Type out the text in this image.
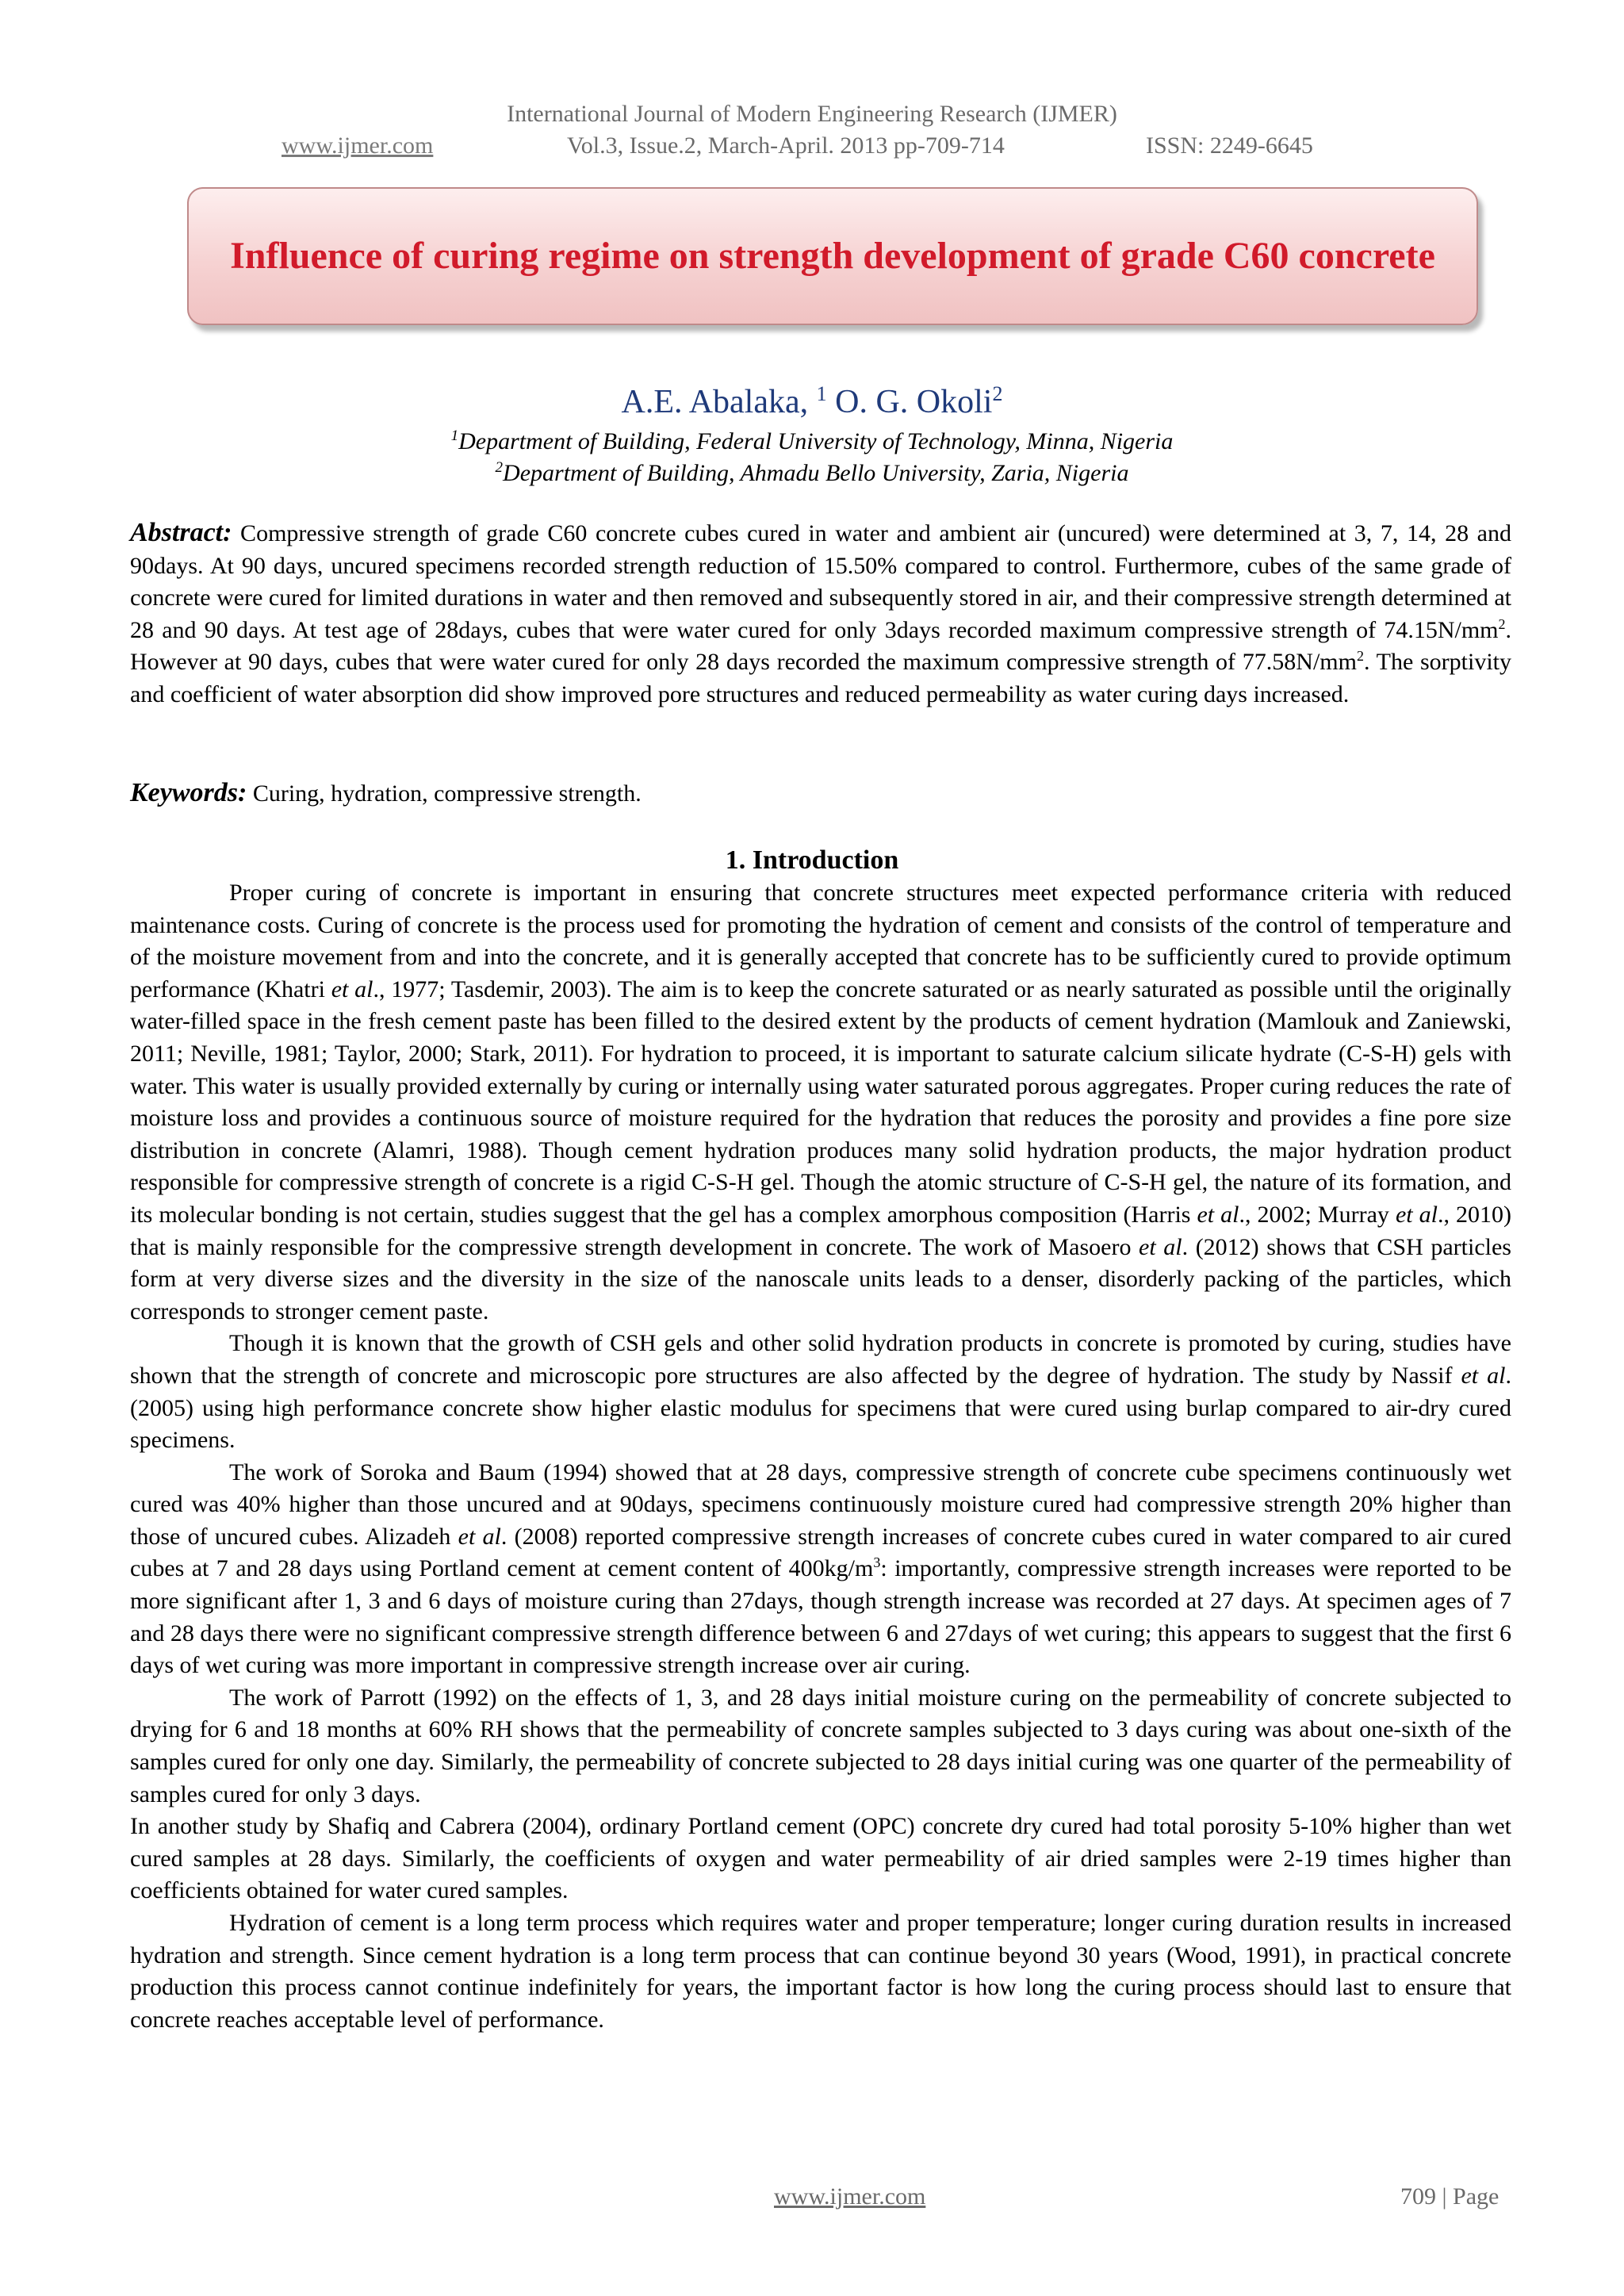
International Journal of Modern Engineering Research (IJMER)
www.ijmer.com	Vol.3, Issue.2, March-April. 2013 pp-709-714	ISSN: 2249-6645
Influence of curing regime on strength development of grade C60 concrete
A.E. Abalaka, $^1$ O. G. Okoli$^2$
$^1$Department of Building, Federal University of Technology, Minna, Nigeria
$^2$Department of Building, Ahmadu Bello University, Zaria, Nigeria

Abstract: Compressive strength of grade C60 concrete cubes cured in water and ambient air (uncured) were determined at 3, 7, 14, 28 and 90days. At 90 days, uncured specimens recorded strength reduction of 15.50% compared to control. Furthermore, cubes of the same grade of concrete were cured for limited durations in water and then removed and subsequently stored in air, and their compressive strength determined at 28 and 90 days. At test age of 28days, cubes that were water cured for only 3days recorded maximum compressive strength of $74.15N/mm^2$. However at 90 days, cubes that were water cured for only 28 days recorded the maximum compressive strength of $77.58N/mm^2$. The sorptivity and coefficient of water absorption did show improved pore structures and reduced permeability as water curing days increased.

Keywords: Curing, hydration, compressive strength.

1. Introduction

Proper curing of concrete is important in ensuring that concrete structures meet expected performance criteria with reduced maintenance costs. Curing of concrete is the process used for promoting the hydration of cement and consists of the control of temperature and of the moisture movement from and into the concrete, and it is generally accepted that concrete has to be sufficiently cured to provide optimum performance (Khatri et al., 1977; Tasdemir, 2003). The aim is to keep the concrete saturated or as nearly saturated as possible until the originally water-filled space in the fresh cement paste has been filled to the desired extent by the products of cement hydration (Mamlouk and Zaniewski, 2011; Neville, 1981; Taylor, 2000; Stark, 2011). For hydration to proceed, it is important to saturate calcium silicate hydrate (C-S-H) gels with water. This water is usually provided externally by curing or internally using water saturated porous aggregates. Proper curing reduces the rate of moisture loss and provides a continuous source of moisture required for the hydration that reduces the porosity and provides a fine pore size distribution in concrete (Alamri, 1988). Though cement hydration produces many solid hydration products, the major hydration product responsible for compressive strength of concrete is a rigid C-S-H gel. Though the atomic structure of C-S-H gel, the nature of its formation, and its molecular bonding is not certain, studies suggest that the gel has a complex amorphous composition (Harris et al., 2002; Murray et al., 2010) that is mainly responsible for the compressive strength development in concrete. The work of Masoero et al. (2012) shows that CSH particles form at very diverse sizes and the diversity in the size of the nanoscale units leads to a denser, disorderly packing of the particles, which corresponds to stronger cement paste.

Though it is known that the growth of CSH gels and other solid hydration products in concrete is promoted by curing, studies have shown that the strength of concrete and microscopic pore structures are also affected by the degree of hydration. The study by Nassif et al. (2005) using high performance concrete show higher elastic modulus for specimens that were cured using burlap compared to air-dry cured specimens.

The work of Soroka and Baum (1994) showed that at 28 days, compressive strength of concrete cube specimens continuously wet cured was 40% higher than those uncured and at 90days, specimens continuously moisture cured had compressive strength 20% higher than those of uncured cubes. Alizadeh et al. (2008) reported compressive strength increases of concrete cubes cured in water compared to air cured cubes at 7 and 28 days using Portland cement at cement content of $400kg/m^3$: importantly, compressive strength increases were reported to be more significant after 1, 3 and 6 days of moisture curing than 27days, though strength increase was recorded at 27 days. At specimen ages of 7 and 28 days there were no significant compressive strength difference between 6 and 27days of wet curing; this appears to suggest that the first 6 days of wet curing was more important in compressive strength increase over air curing.

The work of Parrott (1992) on the effects of 1, 3, and 28 days initial moisture curing on the permeability of concrete subjected to drying for 6 and 18 months at 60% RH shows that the permeability of concrete samples subjected to 3 days curing was about one-sixth of the samples cured for only one day. Similarly, the permeability of concrete subjected to 28 days initial curing was one quarter of the permeability of samples cured for only 3 days.

In another study by Shafiq and Cabrera (2004), ordinary Portland cement (OPC) concrete dry cured had total porosity 5-10% higher than wet cured samples at 28 days. Similarly, the coefficients of oxygen and water permeability of air dried samples were 2-19 times higher than coefficients obtained for water cured samples.

Hydration of cement is a long term process which requires water and proper temperature; longer curing duration results in increased hydration and strength. Since cement hydration is a long term process that can continue beyond 30 years (Wood, 1991), in practical concrete production this process cannot continue indefinitely for years, the important factor is how long the curing process should last to ensure that concrete reaches acceptable level of performance.

www.ijmer.com	709 | Page
